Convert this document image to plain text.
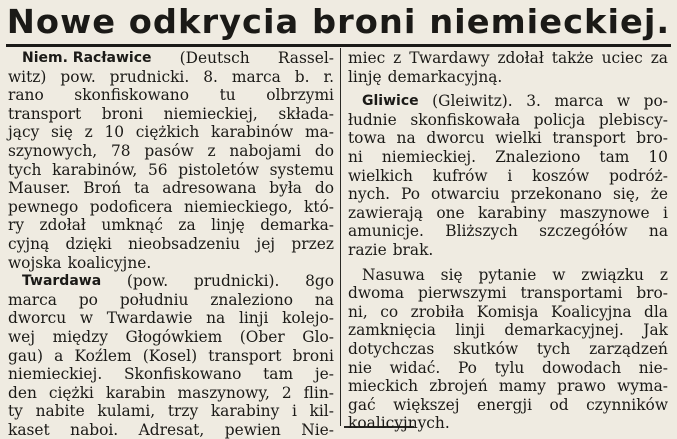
Nowe odkrycia broni niemieckiej.
Niem. Racławice (Deutsch Rassel-
witz) pow. prudnicki. 8. marca b. r.
rano skonfiskowano tu olbrzymi
transport broni niemieckiej, składa-
jący się z 10 ciężkich karabinów ma-
szynowych, 78 pasów z nabojami do
tych karabinów, 56 pistoletów systemu
Mauser. Broń ta adresowana była do
pewnego podoficera niemieckiego, któ-
ry zdołał umknąć za linję demarka-
cyjną dzięki nieobsadzeniu jej przez
wojska koalicyjne.
Twardawa (pow. prudnicki). 8go
marca po południu znaleziono na
dworcu w Twardawie na linji kolejo-
wej między Głogówkiem (Ober Glo-
gau) a Koźlem (Kosel) transport broni
niemieckiej. Skonfiskowano tam je-
den ciężki karabin maszynowy, 2 flin-
ty nabite kulami, trzy karabiny i kil-
kaset naboi. Adresat, pewien Nie-
miec z Twardawy zdołał także uciec za
linję demarkacyjną.
Gliwice (Gleiwitz). 3. marca w po-
łudnie skonfiskowała policja plebiscy-
towa na dworcu wielki transport bro-
ni niemieckiej. Znaleziono tam 10
wielkich kufrów i koszów podróż-
nych. Po otwarciu przekonano się, że
zawierają one karabiny maszynowe i
amunicje. Bliższych szczegółów na
razie brak.
Nasuwa się pytanie w związku z
dwoma pierwszymi transportami bro-
ni, co zrobiła Komisja Koalicyjna dla
zamknięcia linji demarkacyjnej. Jak
dotychczas skutków tych zarządzeń
nie widać. Po tylu dowodach nie-
mieckich zbrojeń mamy prawo wyma-
gać większej energji od czynników
koalicyjnych.
